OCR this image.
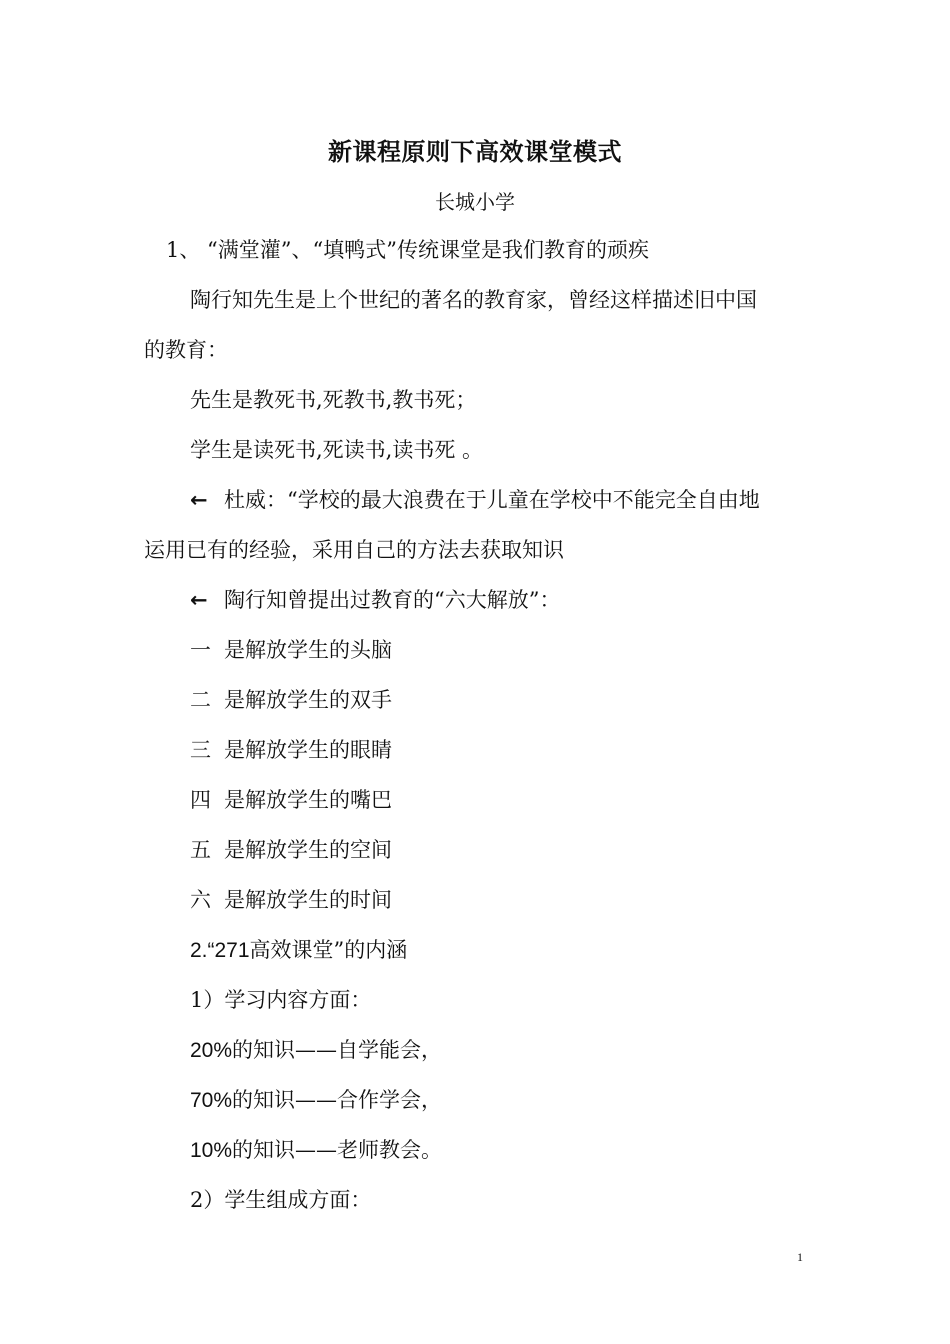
新课程原则下高效课堂模式
长城小学
1、 “满堂灌”、“填鸭式”传统课堂是我们教育的顽疾
陶行知先生是上个世纪的著名的教育家，曾经这样描述旧中国
的教育：
先生是教死书,死教书,教书死；
学生是读死书,死读书,读书死 。
← 杜威：“学校的最大浪费在于儿童在学校中不能完全自由地
运用已有的经验，采用自己的方法去获取知识
← 陶行知曾提出过教育的“六大解放”：
一 是解放学生的头脑
二 是解放学生的双手
三 是解放学生的眼睛
四 是解放学生的嘴巴
五 是解放学生的空间
六 是解放学生的时间
2.“271高效课堂”的内涵
1）学习内容方面：
20%的知识——自学能会，
70%的知识——合作学会，
10%的知识——老师教会。
2）学生组成方面：
1
